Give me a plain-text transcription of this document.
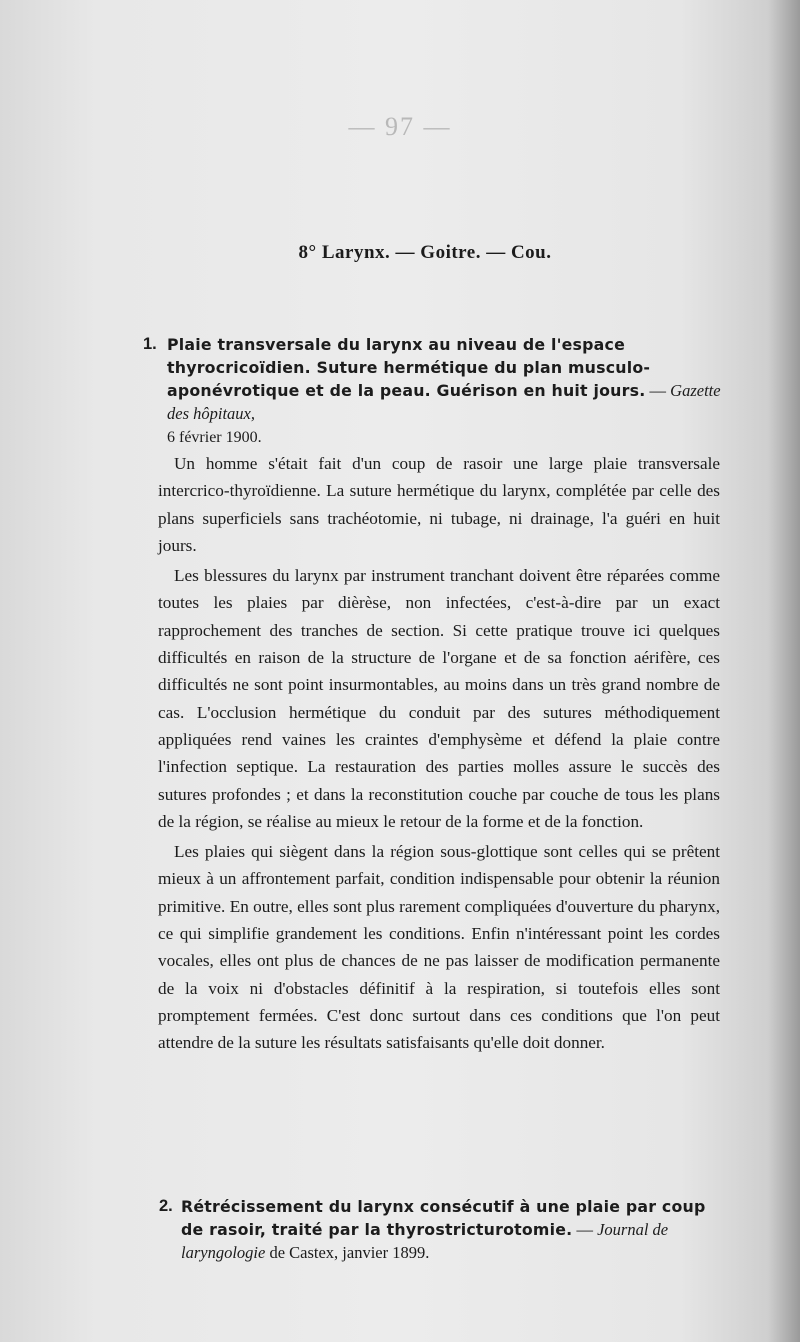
— 97 —
8° Larynx. — Goitre. — Cou.
1. Plaie transversale du larynx au niveau de l'espace thyrocricoïdien. Suture hermétique du plan musculo-aponévrotique et de la peau. Guérison en huit jours. — Gazette des hôpitaux,
6 février 1900.

Un homme s'était fait d'un coup de rasoir une large plaie transversale intercrico-thyroïdienne. La suture hermétique du larynx, complétée par celle des plans superficiels sans trachéotomie, ni tubage, ni drainage, l'a guéri en huit jours.

Les blessures du larynx par instrument tranchant doivent être réparées comme toutes les plaies par dièrèse, non infectées, c'est-à-dire par un exact rapprochement des tranches de section. Si cette pratique trouve ici quelques difficultés en raison de la structure de l'organe et de sa fonction aérifère, ces difficultés ne sont point insurmontables, au moins dans un très grand nombre de cas. L'occlusion hermétique du conduit par des sutures méthodiquement appliquées rend vaines les craintes d'emphysème et défend la plaie contre l'infection septique. La restauration des parties molles assure le succès des sutures profondes ; et dans la reconstitution couche par couche de tous les plans de la région, se réalise au mieux le retour de la forme et de la fonction.

Les plaies qui siègent dans la région sous-glottique sont celles qui se prêtent mieux à un affrontement parfait, condition indispensable pour obtenir la réunion primitive. En outre, elles sont plus rarement compliquées d'ouverture du pharynx, ce qui simplifie grandement les conditions. Enfin n'intéressant point les cordes vocales, elles ont plus de chances de ne pas laisser de modification permanente de la voix ni d'obstacles définitif à la respiration, si toutefois elles sont promptement fermées. C'est donc surtout dans ces conditions que l'on peut attendre de la suture les résultats satisfaisants qu'elle doit donner.

2. Rétrécissement du larynx consécutif à une plaie par coup de rasoir, traité par la thyrostricturotomie. — Journal de laryngologie de Castex, janvier 1899.
